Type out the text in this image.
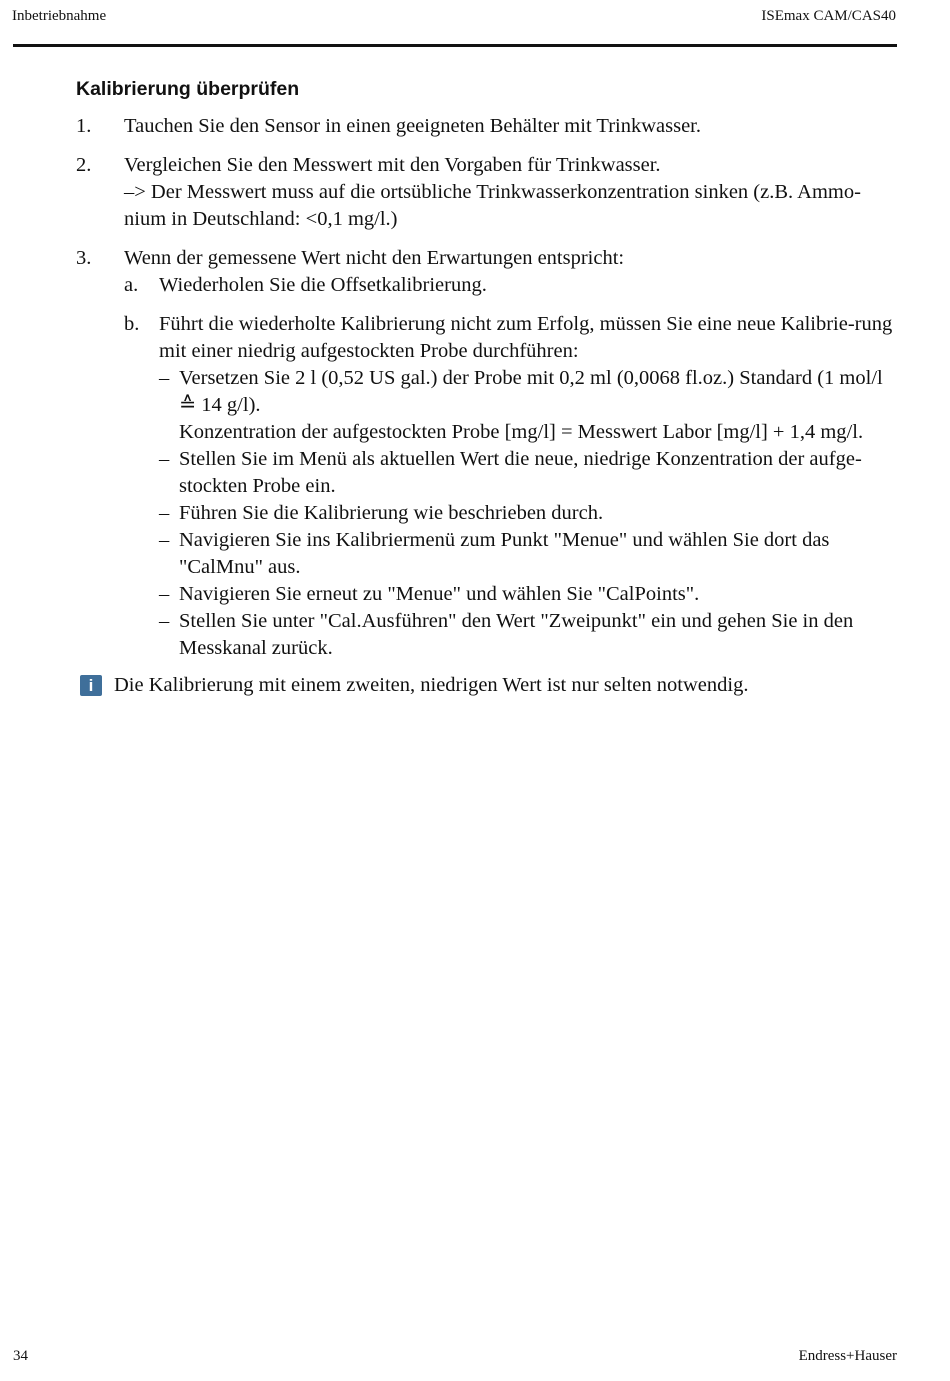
Inbetriebnahme	ISEmax CAM/CAS40
Kalibrierung überprüfen
1. Tauchen Sie den Sensor in einen geeigneten Behälter mit Trinkwasser.
2. Vergleichen Sie den Messwert mit den Vorgaben für Trinkwasser.
–> Der Messwert muss auf die ortsübliche Trinkwasserkonzentration sinken (z.B. Ammo-nium in Deutschland: <0,1 mg/l.)
3. Wenn der gemessene Wert nicht den Erwartungen entspricht:
a. Wiederholen Sie die Offsetkalibrierung.
b. Führt die wiederholte Kalibrierung nicht zum Erfolg, müssen Sie eine neue Kalibrie-rung mit einer niedrig aufgestockten Probe durchführen:
– Versetzen Sie 2 l (0,52 US gal.) der Probe mit 0,2 ml (0,0068 fl.oz.) Standard (1 mol/l ≙ 14 g/l).
Konzentration der aufgestockten Probe [mg/l] = Messwert Labor [mg/l] + 1,4 mg/l.
– Stellen Sie im Menü als aktuellen Wert die neue, niedrige Konzentration der aufge-stockten Probe ein.
– Führen Sie die Kalibrierung wie beschrieben durch.
– Navigieren Sie ins Kalibriermenü zum Punkt "Menue" und wählen Sie dort das "CalMnu" aus.
– Navigieren Sie erneut zu "Menue" und wählen Sie "CalPoints".
– Stellen Sie unter "Cal.Ausführen" den Wert "Zweipunkt" ein und gehen Sie in den Messkanal zurück.
i	Die Kalibrierung mit einem zweiten, niedrigen Wert ist nur selten notwendig.
34	Endress+Hauser
